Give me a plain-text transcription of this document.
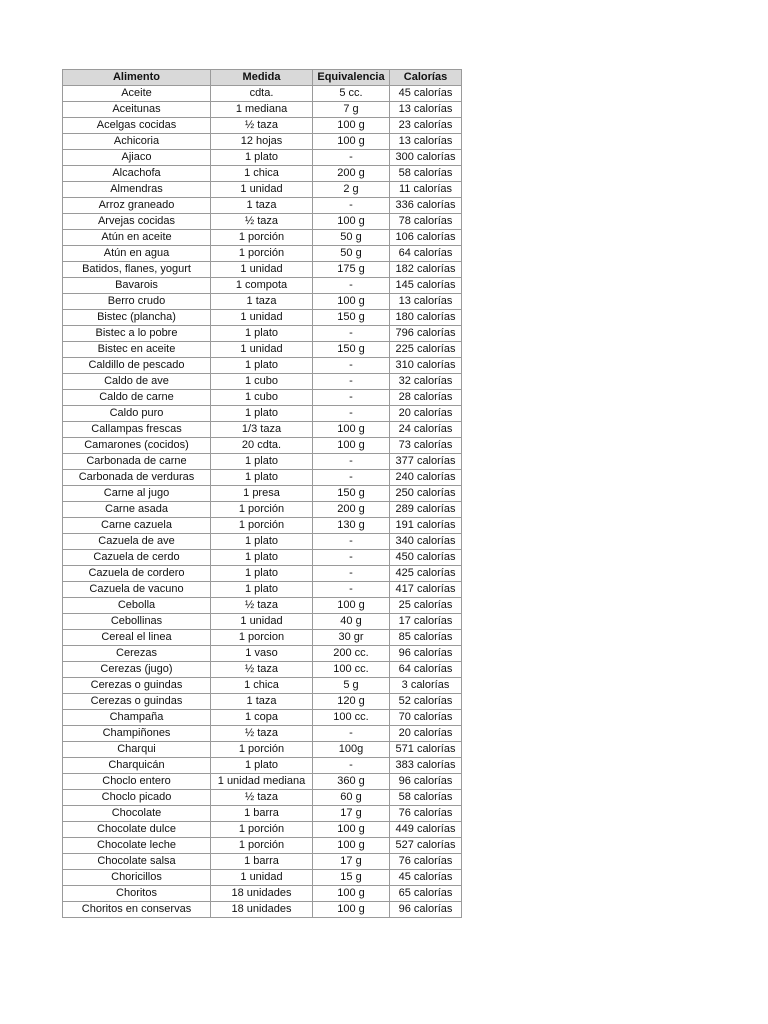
Alimento	Medida	Equivalencia	Calorías
Aceite	cdta.	5 cc.	45 calorías
Aceitunas	1 mediana	7 g	13 calorías
Acelgas cocidas	½ taza	100 g	23 calorías
Achicoria	12 hojas	100 g	13 calorías
Ajiaco	1 plato	-	300 calorías
Alcachofa	1 chica	200 g	58 calorías
Almendras	1 unidad	2 g	11 calorías
Arroz graneado	1 taza	-	336 calorías
Arvejas cocidas	½ taza	100 g	78 calorías
Atún en aceite	1 porción	50 g	106 calorías
Atún en agua	1 porción	50 g	64 calorías
Batidos, flanes, yogurt	1 unidad	175 g	182 calorías
Bavarois	1 compota	-	145 calorías
Berro crudo	1 taza	100 g	13 calorías
Bistec (plancha)	1 unidad	150 g	180 calorías
Bistec a lo pobre	1 plato	-	796 calorías
Bistec en aceite	1 unidad	150 g	225 calorías
Caldillo de pescado	1 plato	-	310 calorías
Caldo de ave	1 cubo	-	32 calorías
Caldo de carne	1 cubo	-	28 calorías
Caldo puro	1 plato	-	20 calorías
Callampas frescas	1/3 taza	100 g	24 calorías
Camarones (cocidos)	20 cdta.	100 g	73 calorías
Carbonada de carne	1 plato	-	377 calorías
Carbonada de verduras	1 plato	-	240 calorías
Carne al jugo	1 presa	150 g	250 calorías
Carne asada	1 porción	200 g	289 calorías
Carne cazuela	1 porción	130 g	191 calorías
Cazuela de ave	1 plato	-	340 calorías
Cazuela de cerdo	1 plato	-	450 calorías
Cazuela de cordero	1 plato	-	425 calorías
Cazuela de vacuno	1 plato	-	417 calorías
Cebolla	½ taza	100 g	25 calorías
Cebollinas	1 unidad	40 g	17 calorías
Cereal el linea	1 porcion	30 gr	85 calorías
Cerezas	1 vaso	200 cc.	96 calorías
Cerezas (jugo)	½ taza	100 cc.	64 calorías
Cerezas o guindas	1 chica	5 g	3 calorías
Cerezas o guindas	1 taza	120 g	52 calorías
Champaña	1 copa	100 cc.	70 calorías
Champiñones	½ taza	-	20 calorías
Charqui	1 porción	100g	571 calorías
Charquicán	1 plato	-	383 calorías
Choclo entero	1 unidad mediana	360 g	96 calorías
Choclo picado	½ taza	60 g	58 calorías
Chocolate	1 barra	17 g	76 calorías
Chocolate dulce	1 porción	100 g	449 calorías
Chocolate leche	1 porción	100 g	527 calorías
Chocolate salsa	1 barra	17 g	76 calorías
Choricillos	1 unidad	15 g	45 calorías
Choritos	18 unidades	100 g	65 calorías
Choritos en conservas	18 unidades	100 g	96 calorías
